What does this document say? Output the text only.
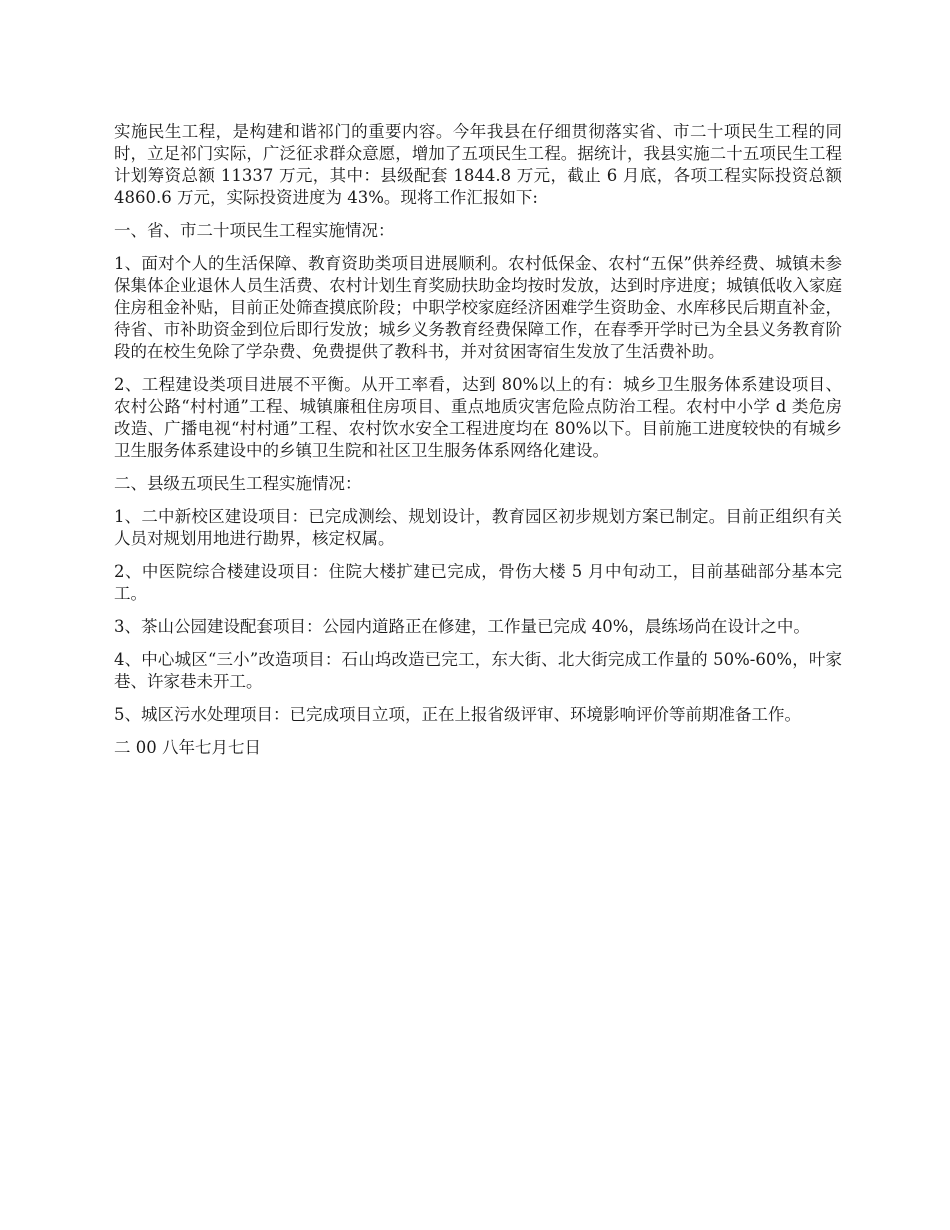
实施民生工程，是构建和谐祁门的重要内容。今年我县在仔细贯彻落实省、市二十项民生工程的同时，立足祁门实际，广泛征求群众意愿，增加了五项民生工程。据统计，我县实施二十五项民生工程计划筹资总额 11337 万元，其中：县级配套 1844.8 万元，截止 6 月底，各项工程实际投资总额 4860.6 万元，实际投资进度为 43%。现将工作汇报如下:

一、省、市二十项民生工程实施情况：

1、面对个人的生活保障、教育资助类项目进展顺利。农村低保金、农村“五保”供养经费、城镇未参保集体企业退休人员生活费、农村计划生育奖励扶助金均按时发放，达到时序进度；城镇低收入家庭住房租金补贴，目前正处筛查摸底阶段；中职学校家庭经济困难学生资助金、水库移民后期直补金，待省、市补助资金到位后即行发放；城乡义务教育经费保障工作，在春季开学时已为全县义务教育阶段的在校生免除了学杂费、免费提供了教科书，并对贫困寄宿生发放了生活费补助。

2、工程建设类项目进展不平衡。从开工率看，达到 80%以上的有：城乡卫生服务体系建设项目、农村公路“村村通”工程、城镇廉租住房项目、重点地质灾害危险点防治工程。农村中小学 d 类危房改造、广播电视“村村通”工程、农村饮水安全工程进度均在 80%以下。目前施工进度较快的有城乡卫生服务体系建设中的乡镇卫生院和社区卫生服务体系网络化建设。

二、县级五项民生工程实施情况：

1、二中新校区建设项目：已完成测绘、规划设计，教育园区初步规划方案已制定。目前正组织有关人员对规划用地进行勘界，核定权属。

2、中医院综合楼建设项目：住院大楼扩建已完成，骨伤大楼 5 月中旬动工，目前基础部分基本完工。

3、茶山公园建设配套项目：公园内道路正在修建，工作量已完成 40%，晨练场尚在设计之中。

4、中心城区“三小”改造项目：石山坞改造已完工，东大街、北大街完成工作量的 50%-60%，叶家巷、许家巷未开工。

5、城区污水处理项目：已完成项目立项，正在上报省级评审、环境影响评价等前期准备工作。

二 00 八年七月七日
